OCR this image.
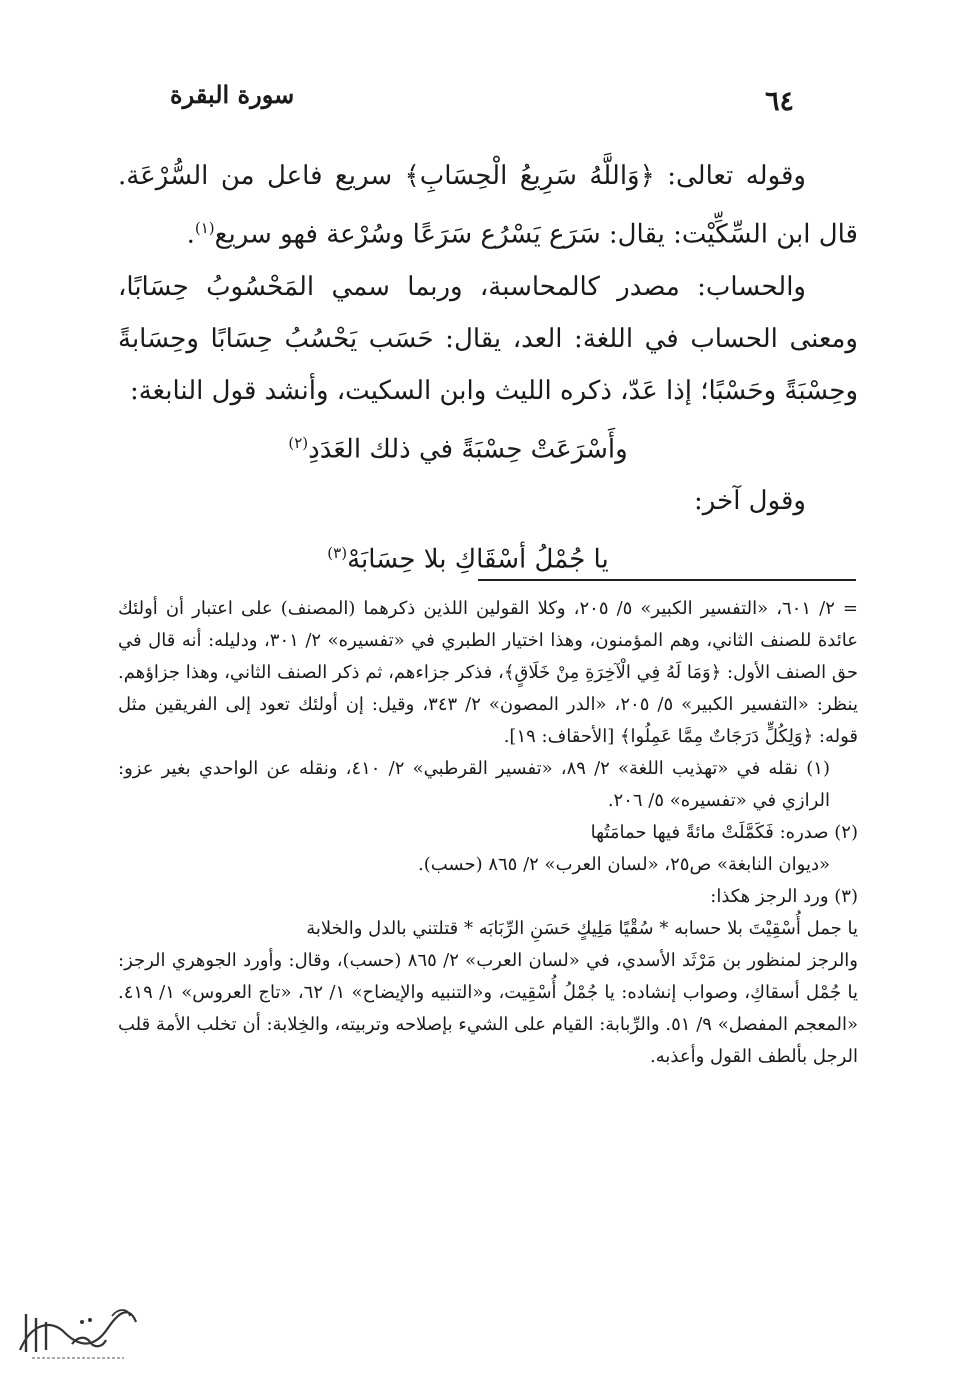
٦٤
سورة البقرة

وقوله تعالى: ﴿وَاللَّهُ سَرِيعُ الْحِسَابِ﴾ سريع فاعل من السُّرْعَة. قال ابن السِّكِّيْت: يقال: سَرَع يَسْرُع سَرَعًا وسُرْعة فهو سريع$^{(١)}$.

والحساب: مصدر كالمحاسبة، وربما سمي المَحْسُوبُ حِسَابًا، ومعنى الحساب في اللغة: العد، يقال: حَسَب يَحْسُبُ حِسَابًا وحِسَابةً وحِسْبَةً وحَسْبًا؛ إذا عَدّ، ذكره الليث وابن السكيت، وأنشد قول النابغة:

وأَسْرَعَتْ حِسْبَةً في ذلك العَدَدِ$^{(٢)}$

وقول آخر:

يا جُمْلُ أسْقَاكِ بلا حِسَابَهْ$^{(٣)}$

= ٢/ ٦٠١، «التفسير الكبير» ٥/ ٢٠٥، وكلا القولين اللذين ذكرهما (المصنف) على اعتبار أن أولئك عائدة للصنف الثاني، وهم المؤمنون، وهذا اختيار الطبري في «تفسيره» ٢/ ٣٠١، ودليله: أنه قال في حق الصنف الأول: ﴿وَمَا لَهُ فِي الْآخِرَةِ مِنْ خَلَاقٍ﴾، فذكر جزاءهم، ثم ذكر الصنف الثاني، وهذا جزاؤهم. ينظر: «التفسير الكبير» ٥/ ٢٠٥، «الدر المصون» ٢/ ٣٤٣، وقيل: إن أولئك تعود إلى الفريقين مثل قوله: ﴿وَلِكُلٍّ دَرَجَاتٌ مِمَّا عَمِلُوا﴾ [الأحقاف: ١٩].

(١) نقله في «تهذيب اللغة» ٢/ ٨٩، «تفسير القرطبي» ٢/ ٤١٠، ونقله عن الواحدي بغير عزو: الرازي في «تفسيره» ٥/ ٢٠٦.

(٢) صدره: فَكَمَّلَتْ مائةً فيها حمامَتُها

«ديوان النابغة» ص٢٥، «لسان العرب» ٢/ ٨٦٥ (حسب).

(٣) ورد الرجز هكذا:

يا جمل أُسْقِيْتَ بلا حسابه * سُقْيًا مَلِيكٍ حَسَنِ الرِّبَابَه * قتلتني بالدل والخلابة

والرجز لمنظور بن مَرْثَد الأسدي، في «لسان العرب» ٢/ ٨٦٥ (حسب)، وقال: وأورد الجوهري الرجز: يا جُمْل أسقاكِ، وصواب إنشاده: يا جُمْلُ أُسْقِيت، و«التنبيه والإيضاح» ١/ ٦٢، «تاج العروس» ١/ ٤١٩. «المعجم المفصل» ٩/ ٥١. والرِّبابة: القيام على الشيء بإصلاحه وتربيته، والخِلابة: أن تخلب الأمة قلب الرجل بألطف القول وأعذبه.
